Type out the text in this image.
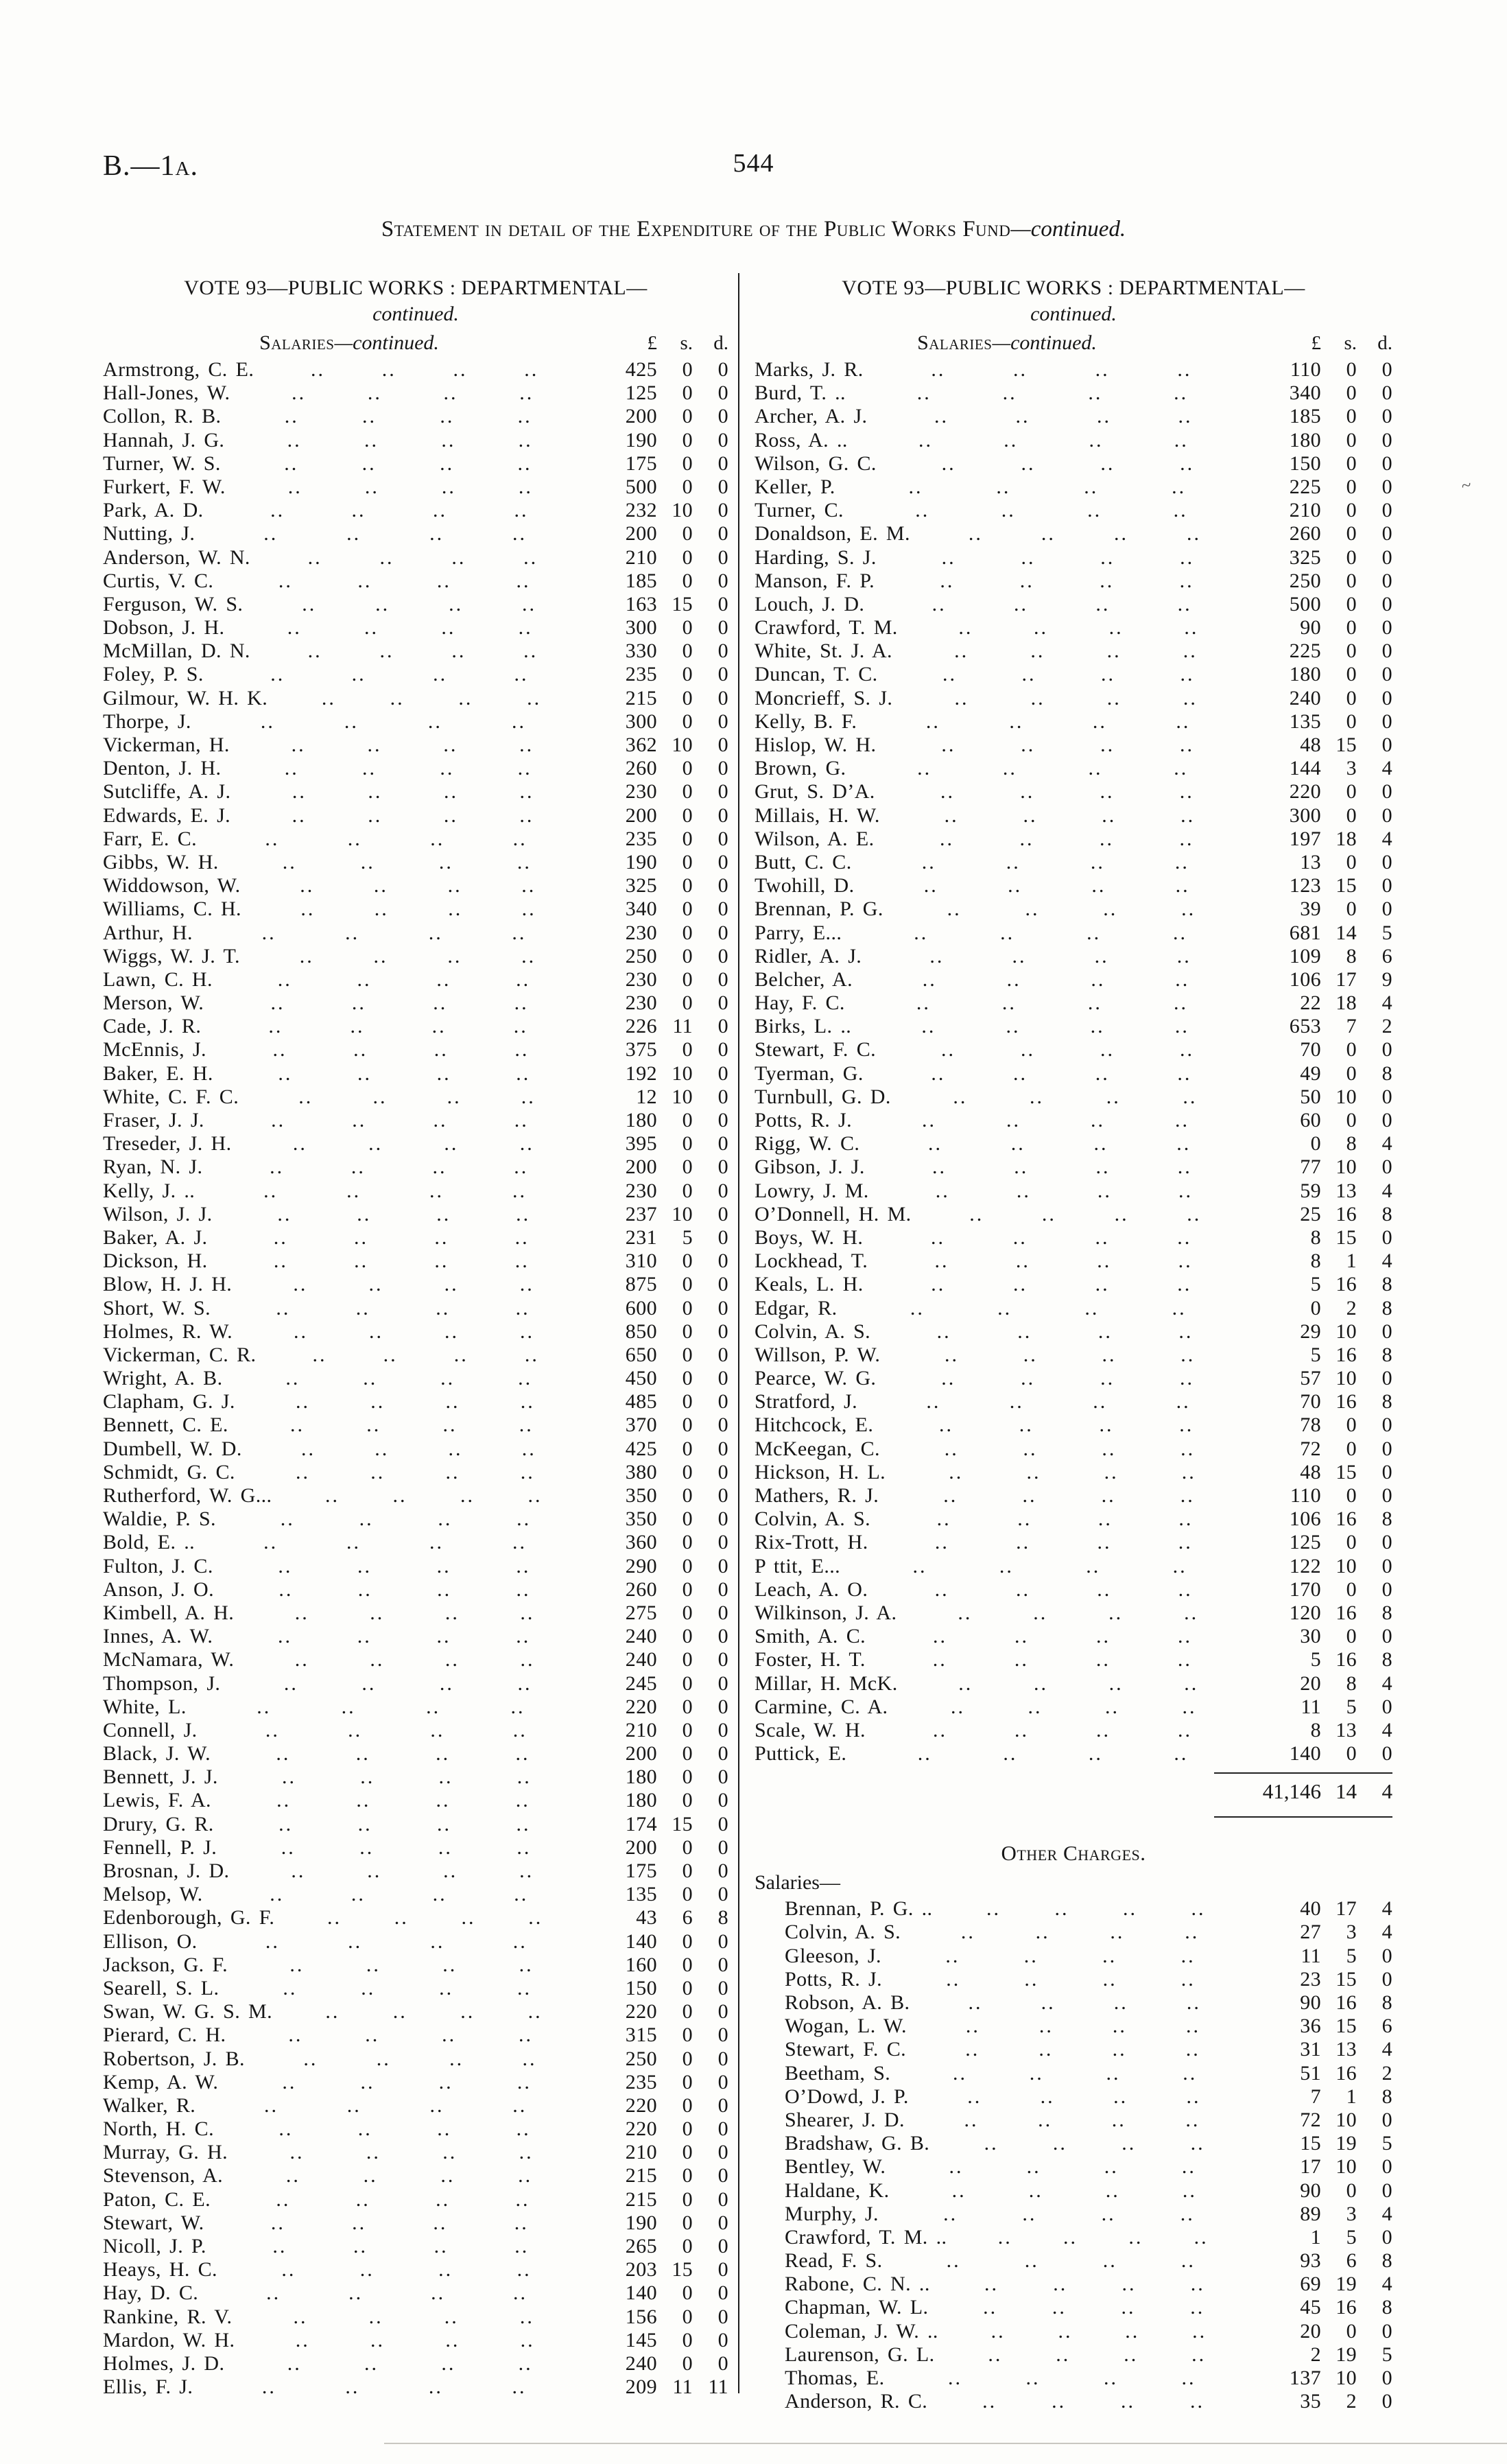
B.—1a.	544
Statement in detail of the Expenditure of the Public Works Fund—continued.
VOTE 93—PUBLIC WORKS : DEPARTMENTAL—
continued.
Salaries—continued.	£	s.	d.
Armstrong, C. E.	..	..	..	..	425	0	0
Hall-Jones, W.	..	..	..	..	125	0	0
Collon, R. B.	..	..	..	..	200	0	0
Hannah, J. G.	..	..	..	..	190	0	0
Turner, W. S.	..	..	..	..	175	0	0
Furkert, F. W.	..	..	..	..	500	0	0
Park, A. D.	..	..	..	..	232 10	0
Nutting, J.	..	..	..	..	200	0	0
Anderson, W. N.	..	..	..	..	210	0	0
Curtis, V. C.	..	..	..	..	185	0	0
Ferguson, W. S.	..	..	..	..	163 15	0
Dobson, J. H.	..	..	..	..	300	0	0
McMillan, D. N.	..	..	..	..	330	0	0
Foley, P. S.	..	..	..	..	235	0	0
Gilmour, W. H. K.	..	..	..	..	215	0	0
Thorpe, J.	..	..	..	..	300	0	0
Vickerman, H.	..	..	..	..	362 10	0
Denton, J. H.	..	..	..	..	260	0	0
Sutcliffe, A. J.	..	..	..	..	230	0	0
Edwards, E. J.	..	..	..	..	200	0	0
Farr, E. C.	..	..	..	..	235	0	0
Gibbs, W. H.	..	..	..	..	190	0	0
Widdowson, W.	..	..	..	..	325	0	0
Williams, C. H.	..	..	..	..	340	0	0
Arthur, H.	..	..	..	..	230	0	0
Wiggs, W. J. T.	..	..	..	..	250	0	0
Lawn, C. H.	..	..	..	..	230	0	0
Merson, W.	..	..	..	..	230	0	0
Cade, J. R.	..	..	..	..	226 11	0
McEnnis, J.	..	..	..	..	375	0	0
Baker, E. H.	..	..	..	..	192 10	0
White, C. F. C.	..	..	..	..	12 10	0
Fraser, J. J.	..	..	..	..	180	0	0
Treseder, J. H.	..	..	..	..	395	0	0
Ryan, N. J.	..	..	..	..	200	0	0
Kelly, J. ..	..	..	..	..	230	0	0
Wilson, J. J.	..	..	..	..	237 10	0
Baker, A. J.	..	..	..	..	231	5	0
Dickson, H.	..	..	..	..	310	0	0
Blow, H. J. H.	..	..	..	..	875	0	0
Short, W. S.	..	..	..	..	600	0	0
Holmes, R. W.	..	..	..	..	850	0	0
Vickerman, C. R.	..	..	..	..	650	0	0
Wright, A. B.	..	..	..	..	450	0	0
Clapham, G. J.	..	..	..	..	485	0	0
Bennett, C. E.	..	..	..	..	370	0	0
Dumbell, W. D.	..	..	..	..	425	0	0
Schmidt, G. C.	..	..	..	..	380	0	0
Rutherford, W. G...	..	..	..	..	350	0	0
Waldie, P. S.	..	..	..	..	350	0	0
Bold, E. ..	..	..	..	..	360	0	0
Fulton, J. C.	..	..	..	..	290	0	0
Anson, J. O.	..	..	..	..	260	0	0
Kimbell, A. H.	..	..	..	..	275	0	0
Innes, A. W.	..	..	..	..	240	0	0
McNamara, W.	..	..	..	..	240	0	0
Thompson, J.	..	..	..	..	245	0	0
White, L.	..	..	..	..	220	0	0
Connell, J.	..	..	..	..	210	0	0
Black, J. W.	..	..	..	..	200	0	0
Bennett, J. J.	..	..	..	..	180	0	0
Lewis, F. A.	..	..	..	..	180	0	0
Drury, G. R.	..	..	..	..	174 15	0
Fennell, P. J.	..	..	..	..	200	0	0
Brosnan, J. D.	..	..	..	..	175	0	0
Melsop, W.	..	..	..	..	135	0	0
Edenborough, G. F.	..	..	..	..	43	6	8
Ellison, O.	..	..	..	..	140	0	0
Jackson, G. F.	..	..	..	..	160	0	0
Searell, S. L.	..	..	..	..	150	0	0
Swan, W. G. S. M.	..	..	..	..	220	0	0
Pierard, C. H.	..	..	..	..	315	0	0
Robertson, J. B.	..	..	..	..	250	0	0
Kemp, A. W.	..	..	..	..	235	0	0
Walker, R.	..	..	..	..	220	0	0
North, H. C.	..	..	..	..	220	0	0
Murray, G. H.	..	..	..	..	210	0	0
Stevenson, A.	..	..	..	..	215	0	0
Paton, C. E.	..	..	..	..	215	0	0
Stewart, W.	..	..	..	..	190	0	0
Nicoll, J. P.	..	..	..	..	265	0	0
Heays, H. C.	..	..	..	..	203 15	0
Hay, D. C.	..	..	..	..	140	0	0
Rankine, R. V.	..	..	..	..	156	0	0
Mardon, W. H.	..	..	..	..	145	0	0
Holmes, J. D.	..	..	..	..	240	0	0
Ellis, F. J.	..	..	..	..	209 11 11
VOTE 93—PUBLIC WORKS : DEPARTMENTAL—
continued.
Salaries—continued.	£	s.	d.
Marks, J. R.	..	..	..	..	110	0	0
Burd, T. ..	..	..	..	..	340	0	0
Archer, A. J.	..	..	..	..	185	0	0
Ross, A. ..	..	..	..	..	180	0	0
Wilson, G. C.	..	..	..	..	150	0	0
Keller, P.	..	..	..	..	225	0	0
Turner, C.	..	..	..	..	210	0	0
Donaldson, E. M.	..	..	..	..	260	0	0
Harding, S. J.	..	..	..	..	325	0	0
Manson, F. P.	..	..	..	..	250	0	0
Louch, J. D.	..	..	..	..	500	0	0
Crawford, T. M.	..	..	..	..	90	0	0
White, St. J. A.	..	..	..	..	225	0	0
Duncan, T. C.	..	..	..	..	180	0	0
Moncrieff, S. J.	..	..	..	..	240	0	0
Kelly, B. F.	..	..	..	..	135	0	0
Hislop, W. H.	..	..	..	..	48 15	0
Brown, G.	..	..	..	..	144	3	4
Grut, S. D’A.	..	..	..	..	220	0	0
Millais, H. W.	..	..	..	..	300	0	0
Wilson, A. E.	..	..	..	..	197 18	4
Butt, C. C.	..	..	..	..	13	0	0
Twohill, D.	..	..	..	..	123 15	0
Brennan, P. G.	..	..	..	..	39	0	0
Parry, E...	..	..	..	..	681 14	5
Ridler, A. J.	..	..	..	..	109	8	6
Belcher, A.	..	..	..	..	106 17	9
Hay, F. C.	..	..	..	..	22 18	4
Birks, L. ..	..	..	..	..	653	7	2
Stewart, F. C.	..	..	..	..	70	0	0
Tyerman, G.	..	..	..	..	49	0	8
Turnbull, G. D.	..	..	..	..	50 10	0
Potts, R. J.	..	..	..	..	60	0	0
Rigg, W. C.	..	..	..	..	0	8	4
Gibson, J. J.	..	..	..	..	77 10	0
Lowry, J. M.	..	..	..	..	59 13	4
O’Donnell, H. M.	..	..	..	..	25 16	8
Boys, W. H.	..	..	..	..	8 15	0
Lockhead, T.	..	..	..	..	8	1	4
Keals, L. H.	..	..	..	..	5 16	8
Edgar, R.	..	..	..	..	0	2	8
Colvin, A. S.	..	..	..	..	29 10	0
Willson, P. W.	..	..	..	..	5 16	8
Pearce, W. G.	..	..	..	..	57 10	0
Stratford, J.	..	..	..	..	70 16	8
Hitchcock, E.	..	..	..	..	78	0	0
McKeegan, C.	..	..	..	..	72	0	0
Hickson, H. L.	..	..	..	..	48 15	0
Mathers, R. J.	..	..	..	..	110	0	0
Colvin, A. S.	..	..	..	..	106 16	8
Rix-Trott, H.	..	..	..	..	125	0	0
P ttit, E...	..	..	..	..	122 10	0
Leach, A. O.	..	..	..	..	170	0	0
Wilkinson, J. A.	..	..	..	..	120 16	8
Smith, A. C.	..	..	..	..	30	0	0
Foster, H. T.	..	..	..	..	5 16	8
Millar, H. McK.	..	..	..	..	20	8	4
Carmine, C. A.	..	..	..	..	11	5	0
Scale, W. H.	..	..	..	..	8 13	4
Puttick, E.	..	..	..	..	140	0	0
41,146 14	4
Other Charges.
Salaries—
Brennan, P. G. ..	..	..	..	..	40 17	4
Colvin, A. S.	..	..	..	..	27	3	4
Gleeson, J.	..	..	..	..	11	5	0
Potts, R. J.	..	..	..	..	23 15	0
Robson, A. B.	..	..	..	..	90 16	8
Wogan, L. W.	..	..	..	..	36 15	6
Stewart, F. C.	..	..	..	..	31 13	4
Beetham, S.	..	..	..	..	51 16	2
O’Dowd, J. P.	..	..	..	..	7	1	8
Shearer, J. D.	..	..	..	..	72 10	0
Bradshaw, G. B.	..	..	..	..	15 19	5
Bentley, W.	..	..	..	..	17 10	0
Haldane, K.	..	..	..	..	90	0	0
Murphy, J.	..	..	..	..	89	3	4
Crawford, T. M. .. .. .. .. ..	1	5	0
Read, F. S.	..	..	..	..	93	6	8
Rabone, C. N. ..	..	..	..	..	69 19	4
Chapman, W. L.	..	..	..	..	45 16	8
Coleman, J. W. ..	..	..	..	..	20	0	0
Laurenson, G. L.	..	..	..	..	2 19	5
Thomas, E.	..	..	..	..	137 10	0
Anderson, R. C.	..	..	..	..	35	2	0
~
